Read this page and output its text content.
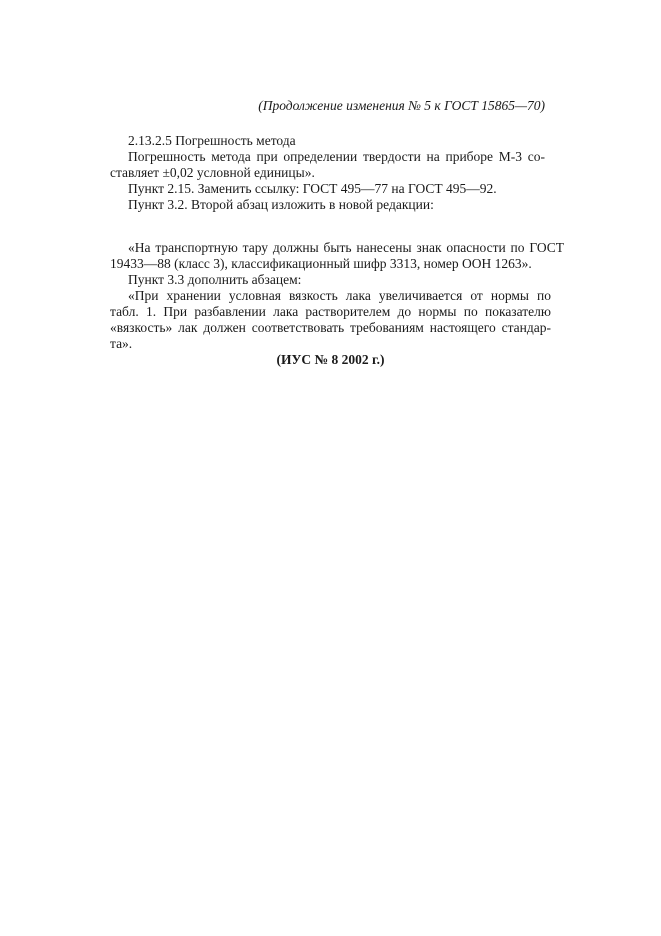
(Продолжение изменения № 5 к ГОСТ 15865—70)
2.13.2.5 Погрешность метода
Погрешность метода при определении твердости на приборе М-3 со-
ставляет ±0,02 условной единицы».
Пункт 2.15. Заменить ссылку: ГОСТ 495—77 на ГОСТ 495—92.
Пункт 3.2. Второй абзац изложить в новой редакции:
«На транспортную тару должны быть нанесены знак опасности по ГОСТ
19433—88 (класс 3), классификационный шифр 3313, номер ООН 1263».
Пункт 3.3 дополнить абзацем:
«При хранении условная вязкость лака увеличивается от нормы по
табл. 1. При разбавлении лака растворителем до нормы по показателю
«вязкость» лак должен соответствовать требованиям настоящего стандар-
та».
(ИУС № 8 2002 г.)
